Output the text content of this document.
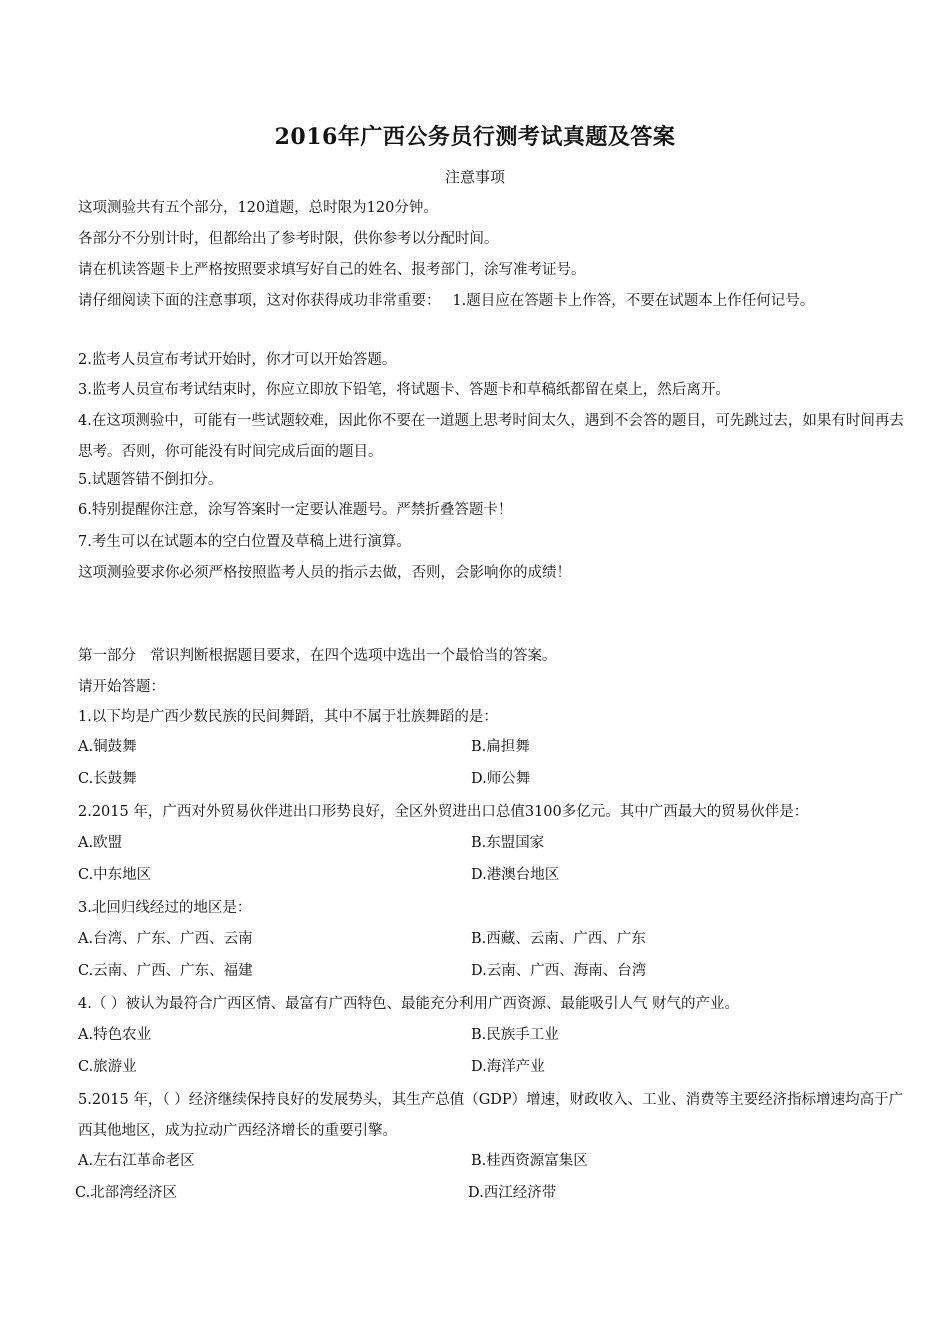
2016年广西公务员行测考试真题及答案
注意事项
这项测验共有五个部分，120道题，总时限为120分钟。
各部分不分别计时，但都给出了参考时限，供你参考以分配时间。
请在机读答题卡上严格按照要求填写好自己的姓名、报考部门，涂写准考证号。
请仔细阅读下面的注意事项，这对你获得成功非常重要：　 1.题目应在答题卡上作答，不要在试题本上作任何记号。
2.监考人员宣布考试开始时，你才可以开始答题。
3.监考人员宣布考试结束时，你应立即放下铅笔，将试题卡、答题卡和草稿纸都留在桌上，然后离开。
4.在这项测验中，可能有一些试题较难，因此你不要在一道题上思考时间太久，遇到不会答的题目，可先跳过去，如果有时间再去思考。否则，你可能没有时间完成后面的题目。
5.试题答错不倒扣分。
6.特别提醒你注意，涂写答案时一定要认准题号。严禁折叠答题卡！
7.考生可以在试题本的空白位置及草稿上进行演算。
这项测验要求你必须严格按照监考人员的指示去做，否则，会影响你的成绩！
第一部分　常识判断根据题目要求，在四个选项中选出一个最恰当的答案。
请开始答题：
1.以下均是广西少数民族的民间舞蹈，其中不属于壮族舞蹈的是：
A.铜鼓舞	B.扁担舞
C.长鼓舞	D.师公舞
2.2015 年，广西对外贸易伙伴进出口形势良好，全区外贸进出口总值3100多亿元。其中广西最大的贸易伙伴是：
A.欧盟	B.东盟国家
C.中东地区	D.港澳台地区
3.北回归线经过的地区是：
A.台湾、广东、广西、云南	B.西藏、云南、广西、广东
C.云南、广西、广东、福建	D.云南、广西、海南、台湾
4.（ ）被认为最符合广西区情、最富有广西特色、最能充分利用广西资源、最能吸引人气 财气的产业。
A.特色农业	B.民族手工业
C.旅游业	D.海洋产业
5.2015 年，（ ）经济继续保持良好的发展势头，其生产总值（GDP）增速，财政收入、工业、消费等主要经济指标增速均高于广西其他地区，成为拉动广西经济增长的重要引擎。
A.左右江革命老区	B.桂西资源富集区
C.北部湾经济区	D.西江经济带
